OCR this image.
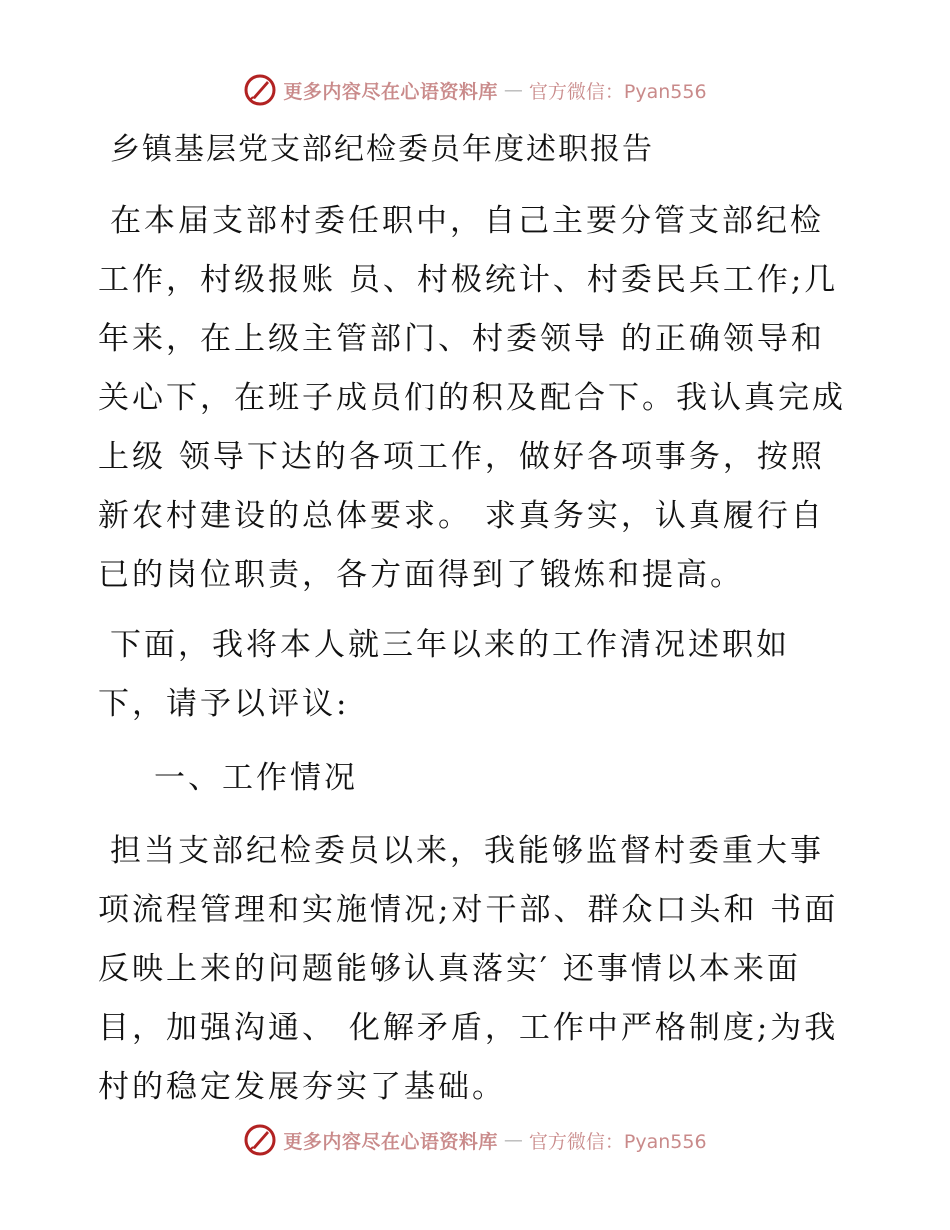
更多内容尽在心语资料库 — 官方微信：Pyan556
乡镇基层党支部纪检委员年度述职报告
在本届支部村委任职中，自己主要分管支部纪检
工作，村级报账 员、村极统计、村委民兵工作;几
年来，在上级主管部门、村委领导 的正确领导和
关心下，在班子成员们的积及配合下。我认真完成
上级 领导下达的各项工作，做好各项事务，按照
新农村建设的总体要求。 求真务实，认真履行自
已的岗位职责，各方面得到了锻炼和提高。
下面，我将本人就三年以来的工作清况述职如
下，请予以评议:
一、工作情况
担当支部纪检委员以来，我能够监督村委重大事
项流程管理和实施情况;对干部、群众口头和 书面
反映上来的问题能够认真落实′ 还事情以本来面
目，加强沟通、 化解矛盾，工作中严格制度;为我
村的稳定发展夯实了基础。
更多内容尽在心语资料库 — 官方微信：Pyan556
